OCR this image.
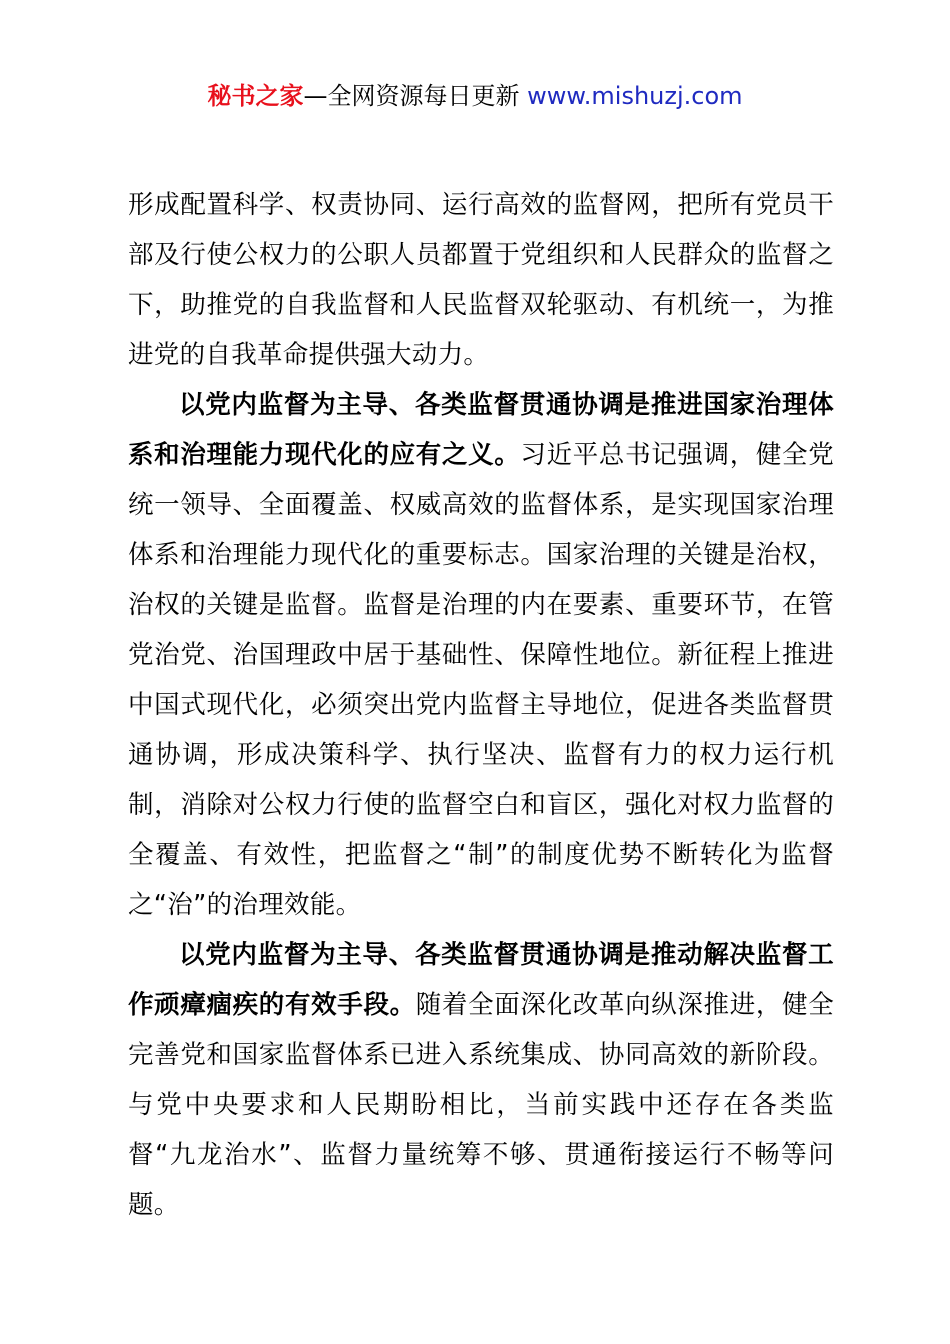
秘书之家—全网资源每日更新 www.mishuzj.com

形成配置科学、权责协同、运行高效的监督网，把所有党员干部及行使公权力的公职人员都置于党组织和人民群众的监督之下，助推党的自我监督和人民监督双轮驱动、有机统一，为推进党的自我革命提供强大动力。

以党内监督为主导、各类监督贯通协调是推进国家治理体系和治理能力现代化的应有之义。习近平总书记强调，健全党统一领导、全面覆盖、权威高效的监督体系，是实现国家治理体系和治理能力现代化的重要标志。国家治理的关键是治权，治权的关键是监督。监督是治理的内在要素、重要环节，在管党治党、治国理政中居于基础性、保障性地位。新征程上推进中国式现代化，必须突出党内监督主导地位，促进各类监督贯通协调，形成决策科学、执行坚决、监督有力的权力运行机制，消除对公权力行使的监督空白和盲区，强化对权力监督的全覆盖、有效性，把监督之“制”的制度优势不断转化为监督之“治”的治理效能。

以党内监督为主导、各类监督贯通协调是推动解决监督工作顽瘴痼疾的有效手段。随着全面深化改革向纵深推进，健全完善党和国家监督体系已进入系统集成、协同高效的新阶段。与党中央要求和人民期盼相比，当前实践中还存在各类监督“九龙治水”、监督力量统筹不够、贯通衔接运行不畅等问题。
